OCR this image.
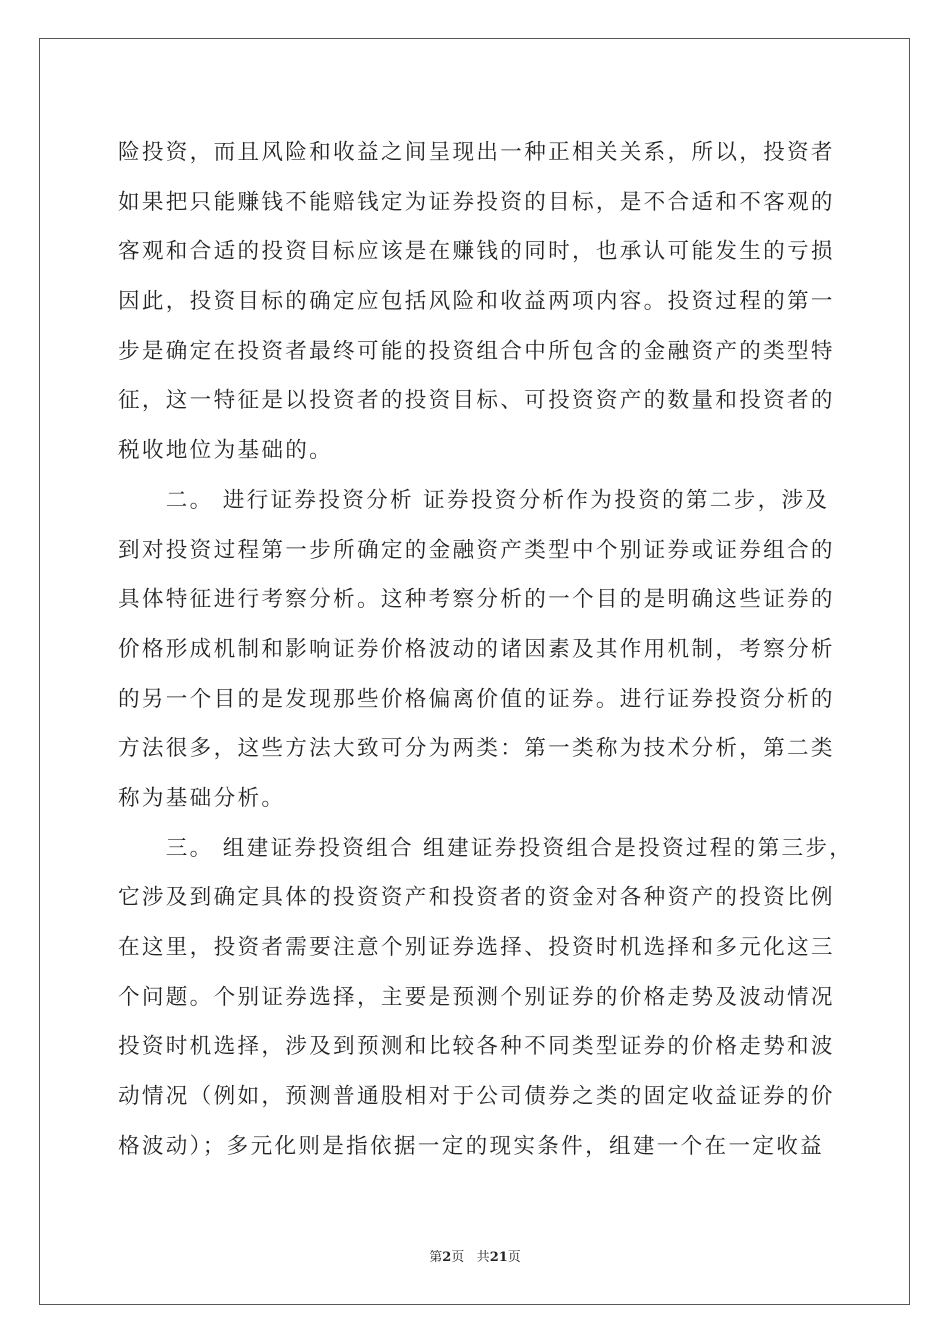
险投资，而且风险和收益之间呈现出一种正相关关系，所以，投资者
如果把只能赚钱不能赔钱定为证券投资的目标，是不合适和不客观的
客观和合适的投资目标应该是在赚钱的同时，也承认可能发生的亏损
因此，投资目标的确定应包括风险和收益两项内容。投资过程的第一
步是确定在投资者最终可能的投资组合中所包含的金融资产的类型特
征，这一特征是以投资者的投资目标、可投资资产的数量和投资者的
税收地位为基础的。
　　二。 进行证券投资分析 证券投资分析作为投资的第二步，涉及
到对投资过程第一步所确定的金融资产类型中个别证券或证券组合的
具体特征进行考察分析。这种考察分析的一个目的是明确这些证券的
价格形成机制和影响证券价格波动的诸因素及其作用机制，考察分析
的另一个目的是发现那些价格偏离价值的证券。进行证券投资分析的
方法很多，这些方法大致可分为两类：第一类称为技术分析，第二类
称为基础分析。
　　三。 组建证券投资组合 组建证券投资组合是投资过程的第三步，
它涉及到确定具体的投资资产和投资者的资金对各种资产的投资比例
在这里，投资者需要注意个别证券选择、投资时机选择和多元化这三
个问题。个别证券选择，主要是预测个别证券的价格走势及波动情况
投资时机选择，涉及到预测和比较各种不同类型证券的价格走势和波
动情况（例如，预测普通股相对于公司债券之类的固定收益证券的价
格波动）；多元化则是指依据一定的现实条件，组建一个在一定收益
第2页 共21页
